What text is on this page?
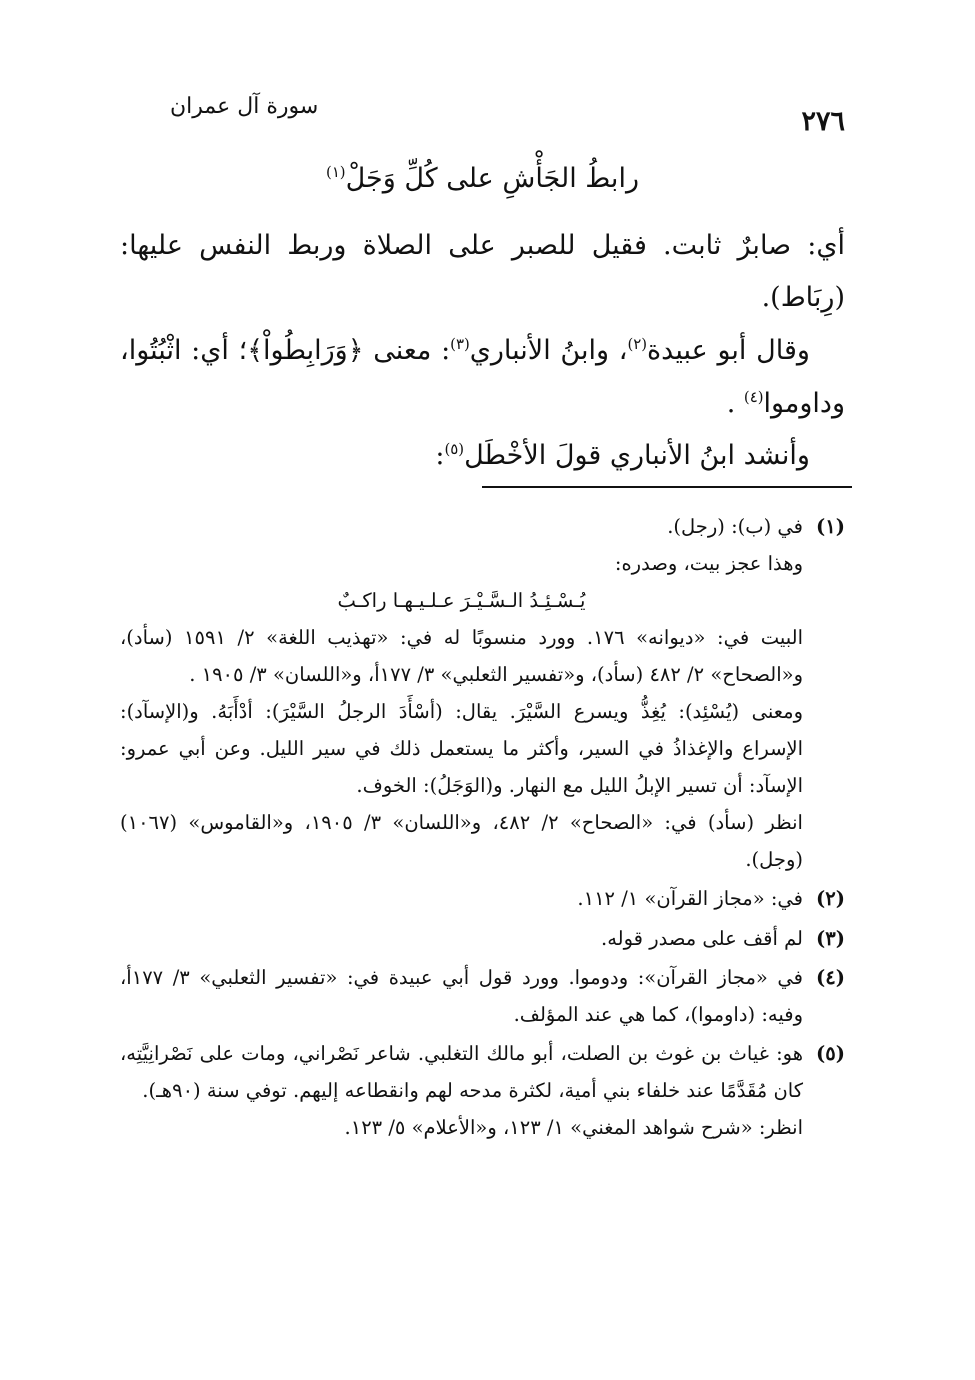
٢٧٦
سورة آل عمران

رابطُ الجَأْشِ على كُلِّ وَجَلْ$^{(١)}$

أي: صابرٌ ثابت. فقيل للصبر على الصلاة وربط النفس عليها: (رِبَاط).

وقال أبو عبيدة$^{(٢)}$، وابنُ الأنباري$^{(٣)}$: معنى ﴿وَرَابِطُواْ﴾؛ أي: اثْبُتُوا، وداوموا$^{(٤)}$ .

وأنشد ابنُ الأنباري قولَ الأخْطَل$^{(٥)}$:

(١)
في (ب): (رجل).
وهذا عجز بيت، وصدره:
يُـسْـئِـدُ الـسَّـيْـرَ عـلـيـهـا راكـبٌ
البيت في: «ديوانه» ١٧٦. وورد منسوبًا له في: «تهذيب اللغة» ٢/ ١٥٩١ (سأد)، و«الصحاح» ٢/ ٤٨٢ (سأد)، و«تفسير الثعلبي» ٣/ ١٧٧أ، و«اللسان» ٣/ ١٩٠٥ .
ومعنى (يُسْئِد): يُغِذُّ ويسرع السَّيْرَ. يقال: (أسْأَدَ الرجلُ السَّيْرَ): أدْأَبَهُ. و(الإسآد): الإسراع والإغذاذُ في السير، وأكثر ما يستعمل ذلك في سير الليل. وعن أبي عمرو: الإسآد: أن تسير الإبلُ الليل مع النهار. و(الوَجَلُ): الخوف.
انظر (سأد) في: «الصحاح» ٢/ ٤٨٢، و«اللسان» ٣/ ١٩٠٥، و«القاموس» (١٠٦٧) (وجل).
(٢)
في: «مجاز القرآن» ١/ ١١٢.
(٣)
لم أقف على مصدر قوله.
(٤)
في «مجاز القرآن»: ودوموا. وورد قول أبي عبيدة في: «تفسير الثعلبي» ٣/ ١٧٧أ، وفيه: (داوموا)، كما هي عند المؤلف.
(٥)
هو: غياث بن غوث بن الصلت، أبو مالك التغلبي. شاعر نَصْراني، ومات على نَصْرانِيَّتِه، كان مُقَدَّمًا عند خلفاء بني أمية، لكثرة مدحه لهم وانقطاعه إليهم. توفي سنة (٩٠هـ).
انظر: «شرح شواهد المغني» ١/ ١٢٣، و«الأعلام» ٥/ ١٢٣.
